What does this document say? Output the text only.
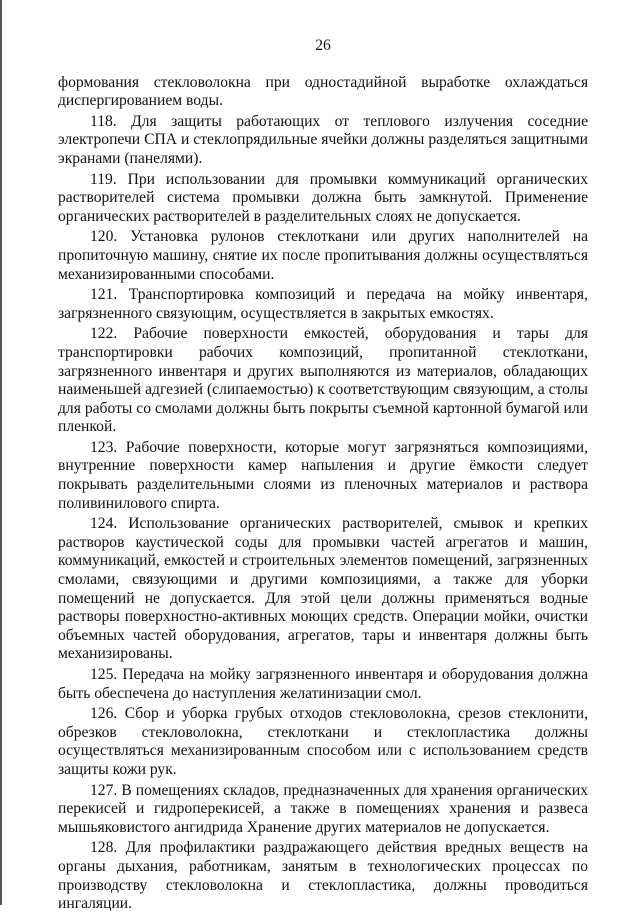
26

формования стекловолокна при одностадийной выработке охлаждаться диспергированием воды.

118. Для защиты работающих от теплового излучения соседние электропечи СПА и стеклопрядильные ячейки должны разделяться защитными экранами (панелями).

119. При использовании для промывки коммуникаций органических растворителей система промывки должна быть замкнутой. Применение органических растворителей в разделительных слоях не допускается.

120. Установка рулонов стеклоткани или других наполнителей на пропиточную машину, снятие их после пропитывания должны осуществляться механизированными способами.

121. Транспортировка композиций и передача на мойку инвентаря, загрязненного связующим, осуществляется в закрытых емкостях.

122. Рабочие поверхности емкостей, оборудования и тары для транспортировки рабочих композиций, пропитанной стеклоткани, загрязненного инвентаря и других выполняются из материалов, обладающих наименьшей адгезией (слипаемостью) к соответствующим связующим, а столы для работы со смолами должны быть покрыты съемной картонной бумагой или пленкой.

123. Рабочие поверхности, которые могут загрязняться композициями, внутренние поверхности камер напыления и другие ёмкости следует покрывать разделительными слоями из пленочных материалов и раствора поливинилового спирта.

124. Использование органических растворителей, смывок и крепких растворов каустической соды для промывки частей агрегатов и машин, коммуникаций, емкостей и строительных элементов помещений, загрязненных смолами, связующими и другими композициями, а также для уборки помещений не допускается. Для этой цели должны применяться водные растворы поверхностно-активных моющих средств. Операции мойки, очистки объемных частей оборудования, агрегатов, тары и инвентаря должны быть механизированы.

125. Передача на мойку загрязненного инвентаря и оборудования должна быть обеспечена до наступления желатинизации смол.

126. Сбор и уборка грубых отходов стекловолокна, срезов стеклонити, обрезков стекловолокна, стеклоткани и стеклопластика должны осуществляться механизированным способом или с использованием средств защиты кожи рук.

127. В помещениях складов, предназначенных для хранения органических перекисей и гидроперекисей, а также в помещениях хранения и развеса мышьяковистого ангидрида Хранение других материалов не допускается.

128. Для профилактики раздражающего действия вредных веществ на органы дыхания, работникам, занятым в технологических процессах по производству стекловолокна и стеклопластика, должны проводиться ингаляции.
